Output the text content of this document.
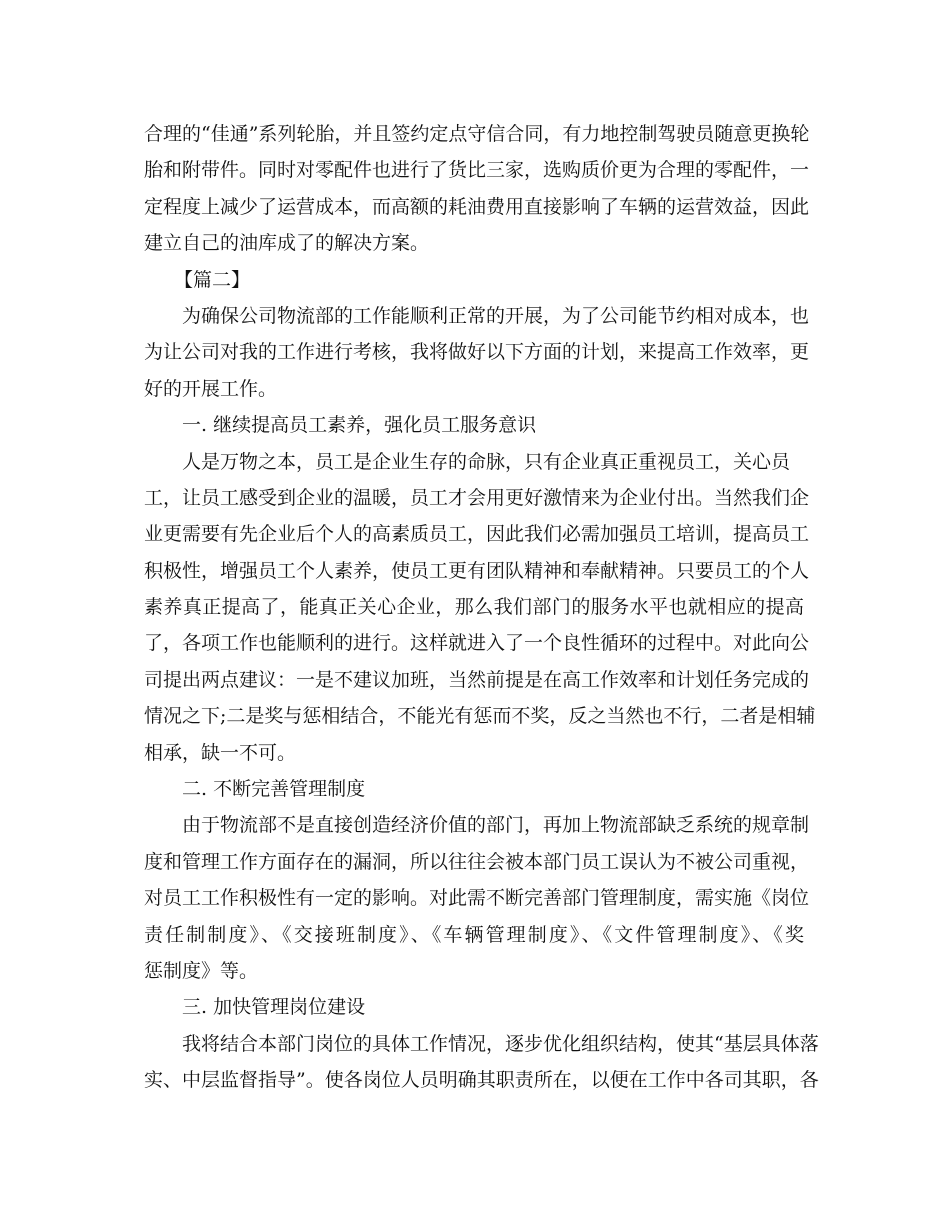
合理的“佳通”系列轮胎，并且签约定点守信合同，有力地控制驾驶员随意更换轮
胎和附带件。同时对零配件也进行了货比三家，选购质价更为合理的零配件，一
定程度上减少了运营成本，而高额的耗油费用直接影响了车辆的运营效益，因此
建立自己的油库成了的解决方案。
【篇二】
为确保公司物流部的工作能顺利正常的开展，为了公司能节约相对成本，也
为让公司对我的工作进行考核，我将做好以下方面的计划，来提高工作效率，更
好的开展工作。
一. 继续提高员工素养，强化员工服务意识
人是万物之本，员工是企业生存的命脉，只有企业真正重视员工，关心员
工，让员工感受到企业的温暖，员工才会用更好激情来为企业付出。当然我们企
业更需要有先企业后个人的高素质员工，因此我们必需加强员工培训，提高员工
积极性，增强员工个人素养，使员工更有团队精神和奉献精神。只要员工的个人
素养真正提高了，能真正关心企业，那么我们部门的服务水平也就相应的提高
了，各项工作也能顺利的进行。这样就进入了一个良性循环的过程中。对此向公
司提出两点建议：一是不建议加班，当然前提是在高工作效率和计划任务完成的
情况之下;二是奖与惩相结合，不能光有惩而不奖，反之当然也不行，二者是相辅
相承，缺一不可。
二. 不断完善管理制度
由于物流部不是直接创造经济价值的部门，再加上物流部缺乏系统的规章制
度和管理工作方面存在的漏洞，所以往往会被本部门员工误认为不被公司重视，
对员工工作积极性有一定的影响。对此需不断完善部门管理制度，需实施《岗位
责任制制度》、《交接班制度》、《车辆管理制度》、《文件管理制度》、《奖
惩制度》等。
三. 加快管理岗位建设
我将结合本部门岗位的具体工作情况，逐步优化组织结构，使其“基层具体落
实、中层监督指导”。使各岗位人员明确其职责所在，以便在工作中各司其职，各
